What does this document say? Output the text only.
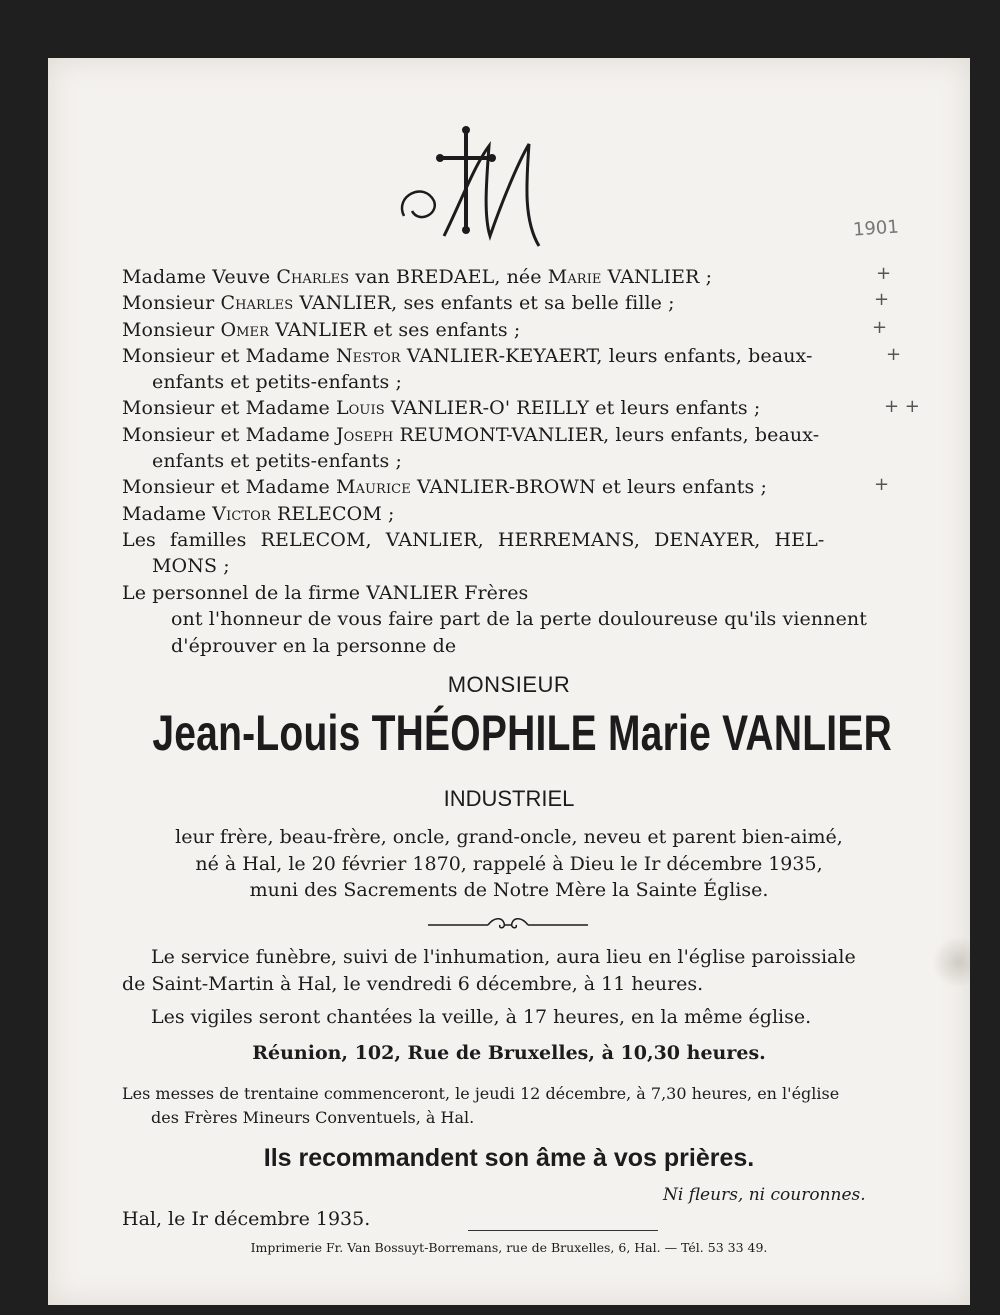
1901
Madame Veuve Charles van BREDAEL, née Marie VANLIER ;
Monsieur Charles VANLIER, ses enfants et sa belle fille ;
Monsieur Omer VANLIER et ses enfants ;
Monsieur et Madame Nestor VANLIER-KEYAERT, leurs enfants, beaux-
enfants et petits-enfants ;
Monsieur et Madame Louis VANLIER-O' REILLY et leurs enfants ;
Monsieur et Madame Joseph REUMONT-VANLIER, leurs enfants, beaux-
enfants et petits-enfants ;
Monsieur et Madame Maurice VANLIER-BROWN et leurs enfants ;
Madame Victor RELECOM ;
Les familles RELECOM, VANLIER, HERREMANS, DENAYER, HEL-
MONS ;
Le personnel de la firme VANLIER Frères
ont l'honneur de vous faire part de la perte douloureuse qu'ils viennent
d'éprouver en la personne de
+
+
+
+
+ +
+
MONSIEUR
Jean-Louis THÉOPHILE Marie VANLIER
INDUSTRIEL
leur frère, beau-frère, oncle, grand-oncle, neveu et parent bien-aimé,
né à Hal, le 20 février 1870, rappelé à Dieu le Ir décembre 1935,
muni des Sacrements de Notre Mère la Sainte Église.
Le service funèbre, suivi de l'inhumation, aura lieu en l'église paroissiale
de Saint-Martin à Hal, le vendredi 6 décembre, à 11 heures.
Les vigiles seront chantées la veille, à 17 heures, en la même église.
Réunion, 102, Rue de Bruxelles, à 10,30 heures.
Les messes de trentaine commenceront, le jeudi 12 décembre, à 7,30 heures, en l'église
des Frères Mineurs Conventuels, à Hal.
Ils recommandent son âme à vos prières.
Ni fleurs, ni couronnes.
Hal, le Ir décembre 1935.
Imprimerie Fr. Van Bossuyt-Borremans, rue de Bruxelles, 6, Hal. — Tél. 53 33 49.
